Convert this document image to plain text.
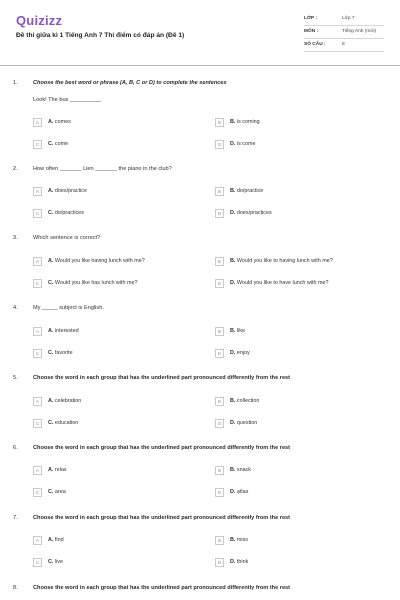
Quizizz
Đề thi giữa kì 1 Tiếng Anh 7 Thí điểm có đáp án (Đề 1)
LỚP :	Lớp 7
MÔN :	Tiếng Anh (mới)
SỐ CÂU :	8
1.	Choose the best word or phrase (A, B, C or D) to complete the sentences
Look! The bus __________
A	A. comes	B	B. is coming
C	C. come	D	D. is come
2.	How often _______ Lien _______ the piano in the club?
A	A. does/practice	B	B. do/practice
C	C. do/practices	D	D. does/practices
3.	Which sentence is correct?
A	A. Would you like having lunch with me?	B	B. Would you like to having lunch with me?
C	C. Would you like has lunch with me?	D	D. Would you like to have lunch with me?
4.	My _____ subject is English.
A	A. interested	B	B. like
C	C. favorite	D	D. enjoy
5.	Choose the word in each group that has the underlined part pronounced differently from the rest
A	A. celebration	B	B. collection
C	C. education	D	D. question
6.	Choose the word in each group that has the underlined part pronounced differently from the rest
A	A. relax	B	B. snack
C	C. area	D	D. atlas
7.	Choose the word in each group that has the underlined part pronounced differently from the rest
A	A. find	B	B. miss
C	C. live	D	D. think
8.	Choose the word in each group that has the underlined part pronounced differently from the rest
